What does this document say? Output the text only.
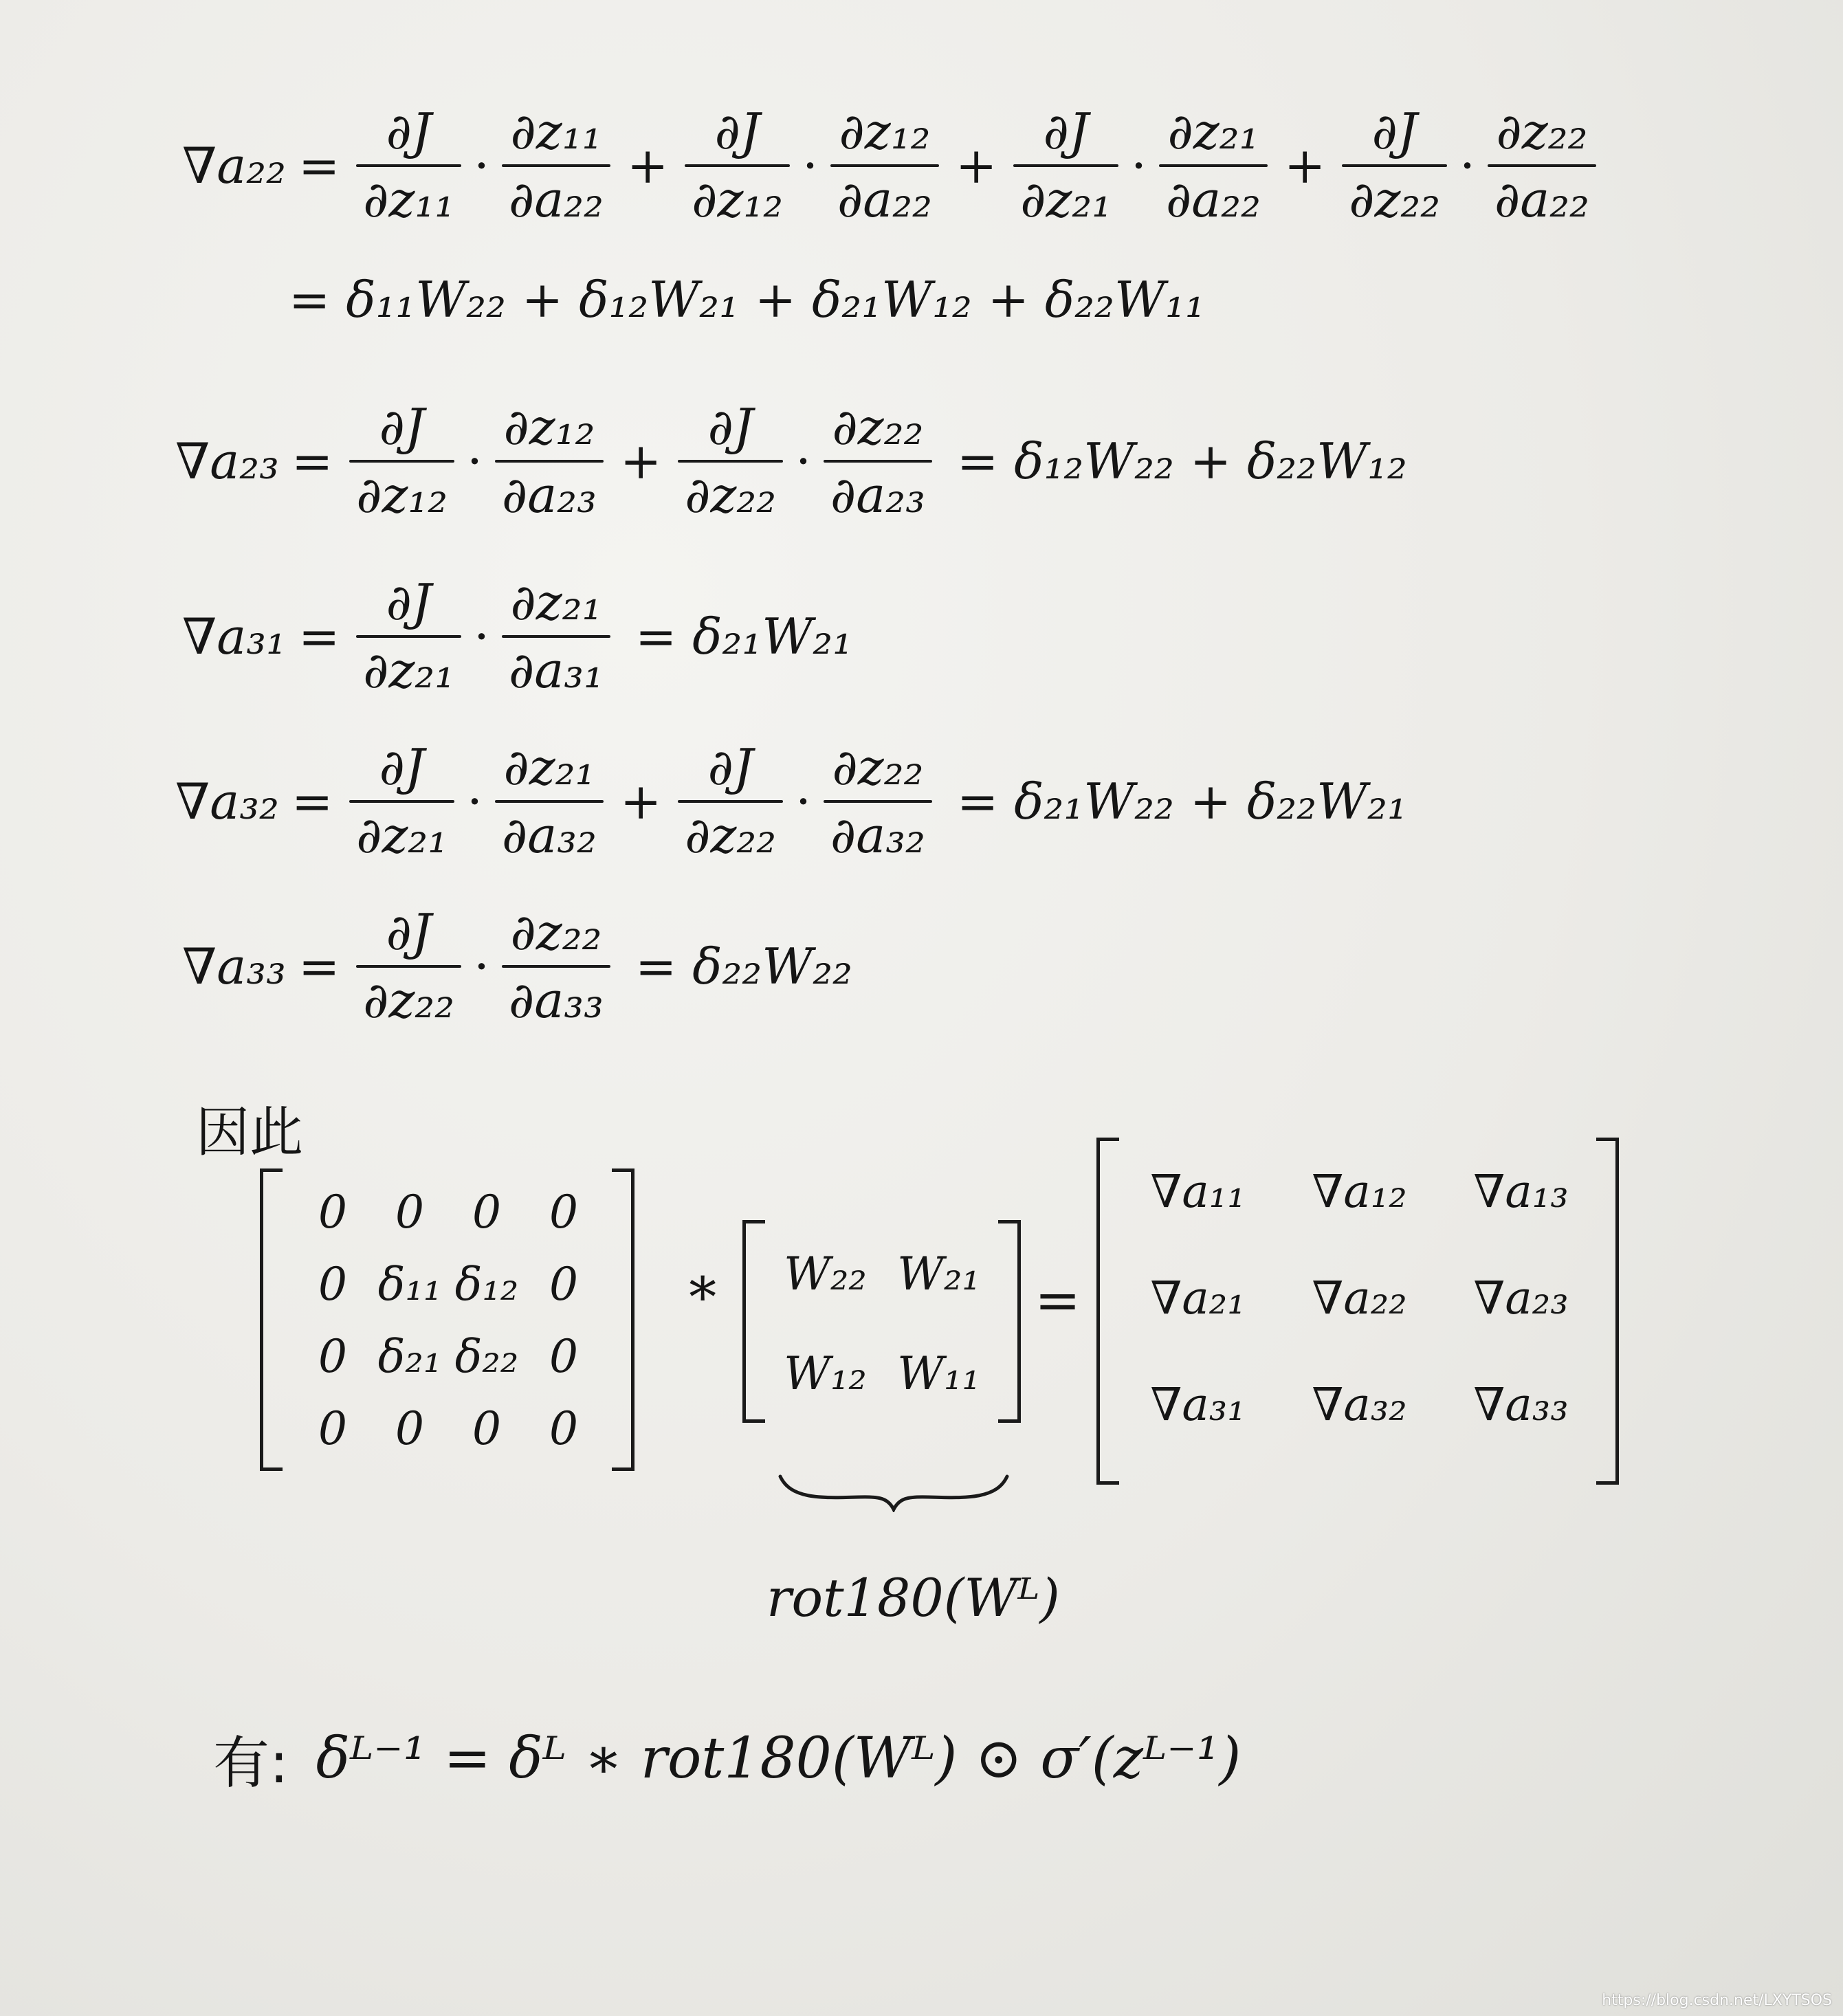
$\nabla a_{22} = \frac{\partial J}{\text{∂z₁₁}} \cdot \frac{\text{∂z₁₁}}{\text{∂a₂₂}} + \frac{\partial J}{\text{∂z₁₂}} \cdot \frac{\text{∂z₁₂}}{\text{∂a₂₂}} + \frac{\partial J}{\text{∂z₂₁}} \cdot \frac{\text{∂z₂₁}}{\text{∂a₂₂}} + \frac{\partial J}{\text{∂z₂₂}} \cdot \frac{\text{∂z₂₂}}{\text{∂a₂₂}}$
= δ₁₁W₂₂ + δ₁₂W₂₁ + δ₂₁W₁₂ + δ₂₂W₁₁
$\nabla a_{23} = \frac{\partial J}{\text{∂z₁₂}} \cdot \frac{\text{∂z₁₂}}{\text{∂a₂₃}} + \frac{\partial J}{\text{∂z₂₂}} \cdot \frac{\text{∂z₂₂}}{\text{∂a₂₃}} = \delta_{12}W_{22} + \delta_{22}W_{12}$
$\nabla a_{31} = \frac{\partial J}{\text{∂z₂₁}} \cdot \frac{\text{∂z₂₁}}{\text{∂a₃₁}} = \delta_{21}W_{21}$
$\nabla a_{32} = \frac{\partial J}{\text{∂z₂₁}} \cdot \frac{\text{∂z₂₁}}{\text{∂a₃₂}} + \frac{\partial J}{\text{∂z₂₂}} \cdot \frac{\text{∂z₂₂}}{\text{∂a₃₂}} = \delta_{21}W_{22} + \delta_{22}W_{21}$
$\nabla a_{33} = \frac{\partial J}{\text{∂z₂₂}} \cdot \frac{\text{∂z₂₂}}{\text{∂a₃₃}} = \delta_{22}W_{22}$
因此
0	0	0	0
0 δ₁₁ δ₁₂ 0
0 δ₂₁ δ₂₂ 0
0	0	0	0
∗	W₂₂ W₂₁
W₁₂ W₁₁
rot180(Wᴸ)
=
∇a₁₁	∇a₁₂	∇a₁₃
∇a₂₁	∇a₂₂	∇a₂₃
∇a₃₁	∇a₃₂	∇a₃₃
有: δᴸ⁻¹ = δᴸ ∗ rot180(Wᴸ) ⊙ σ′(zᴸ⁻¹)
https://blog.csdn.net/LXYTSOS
